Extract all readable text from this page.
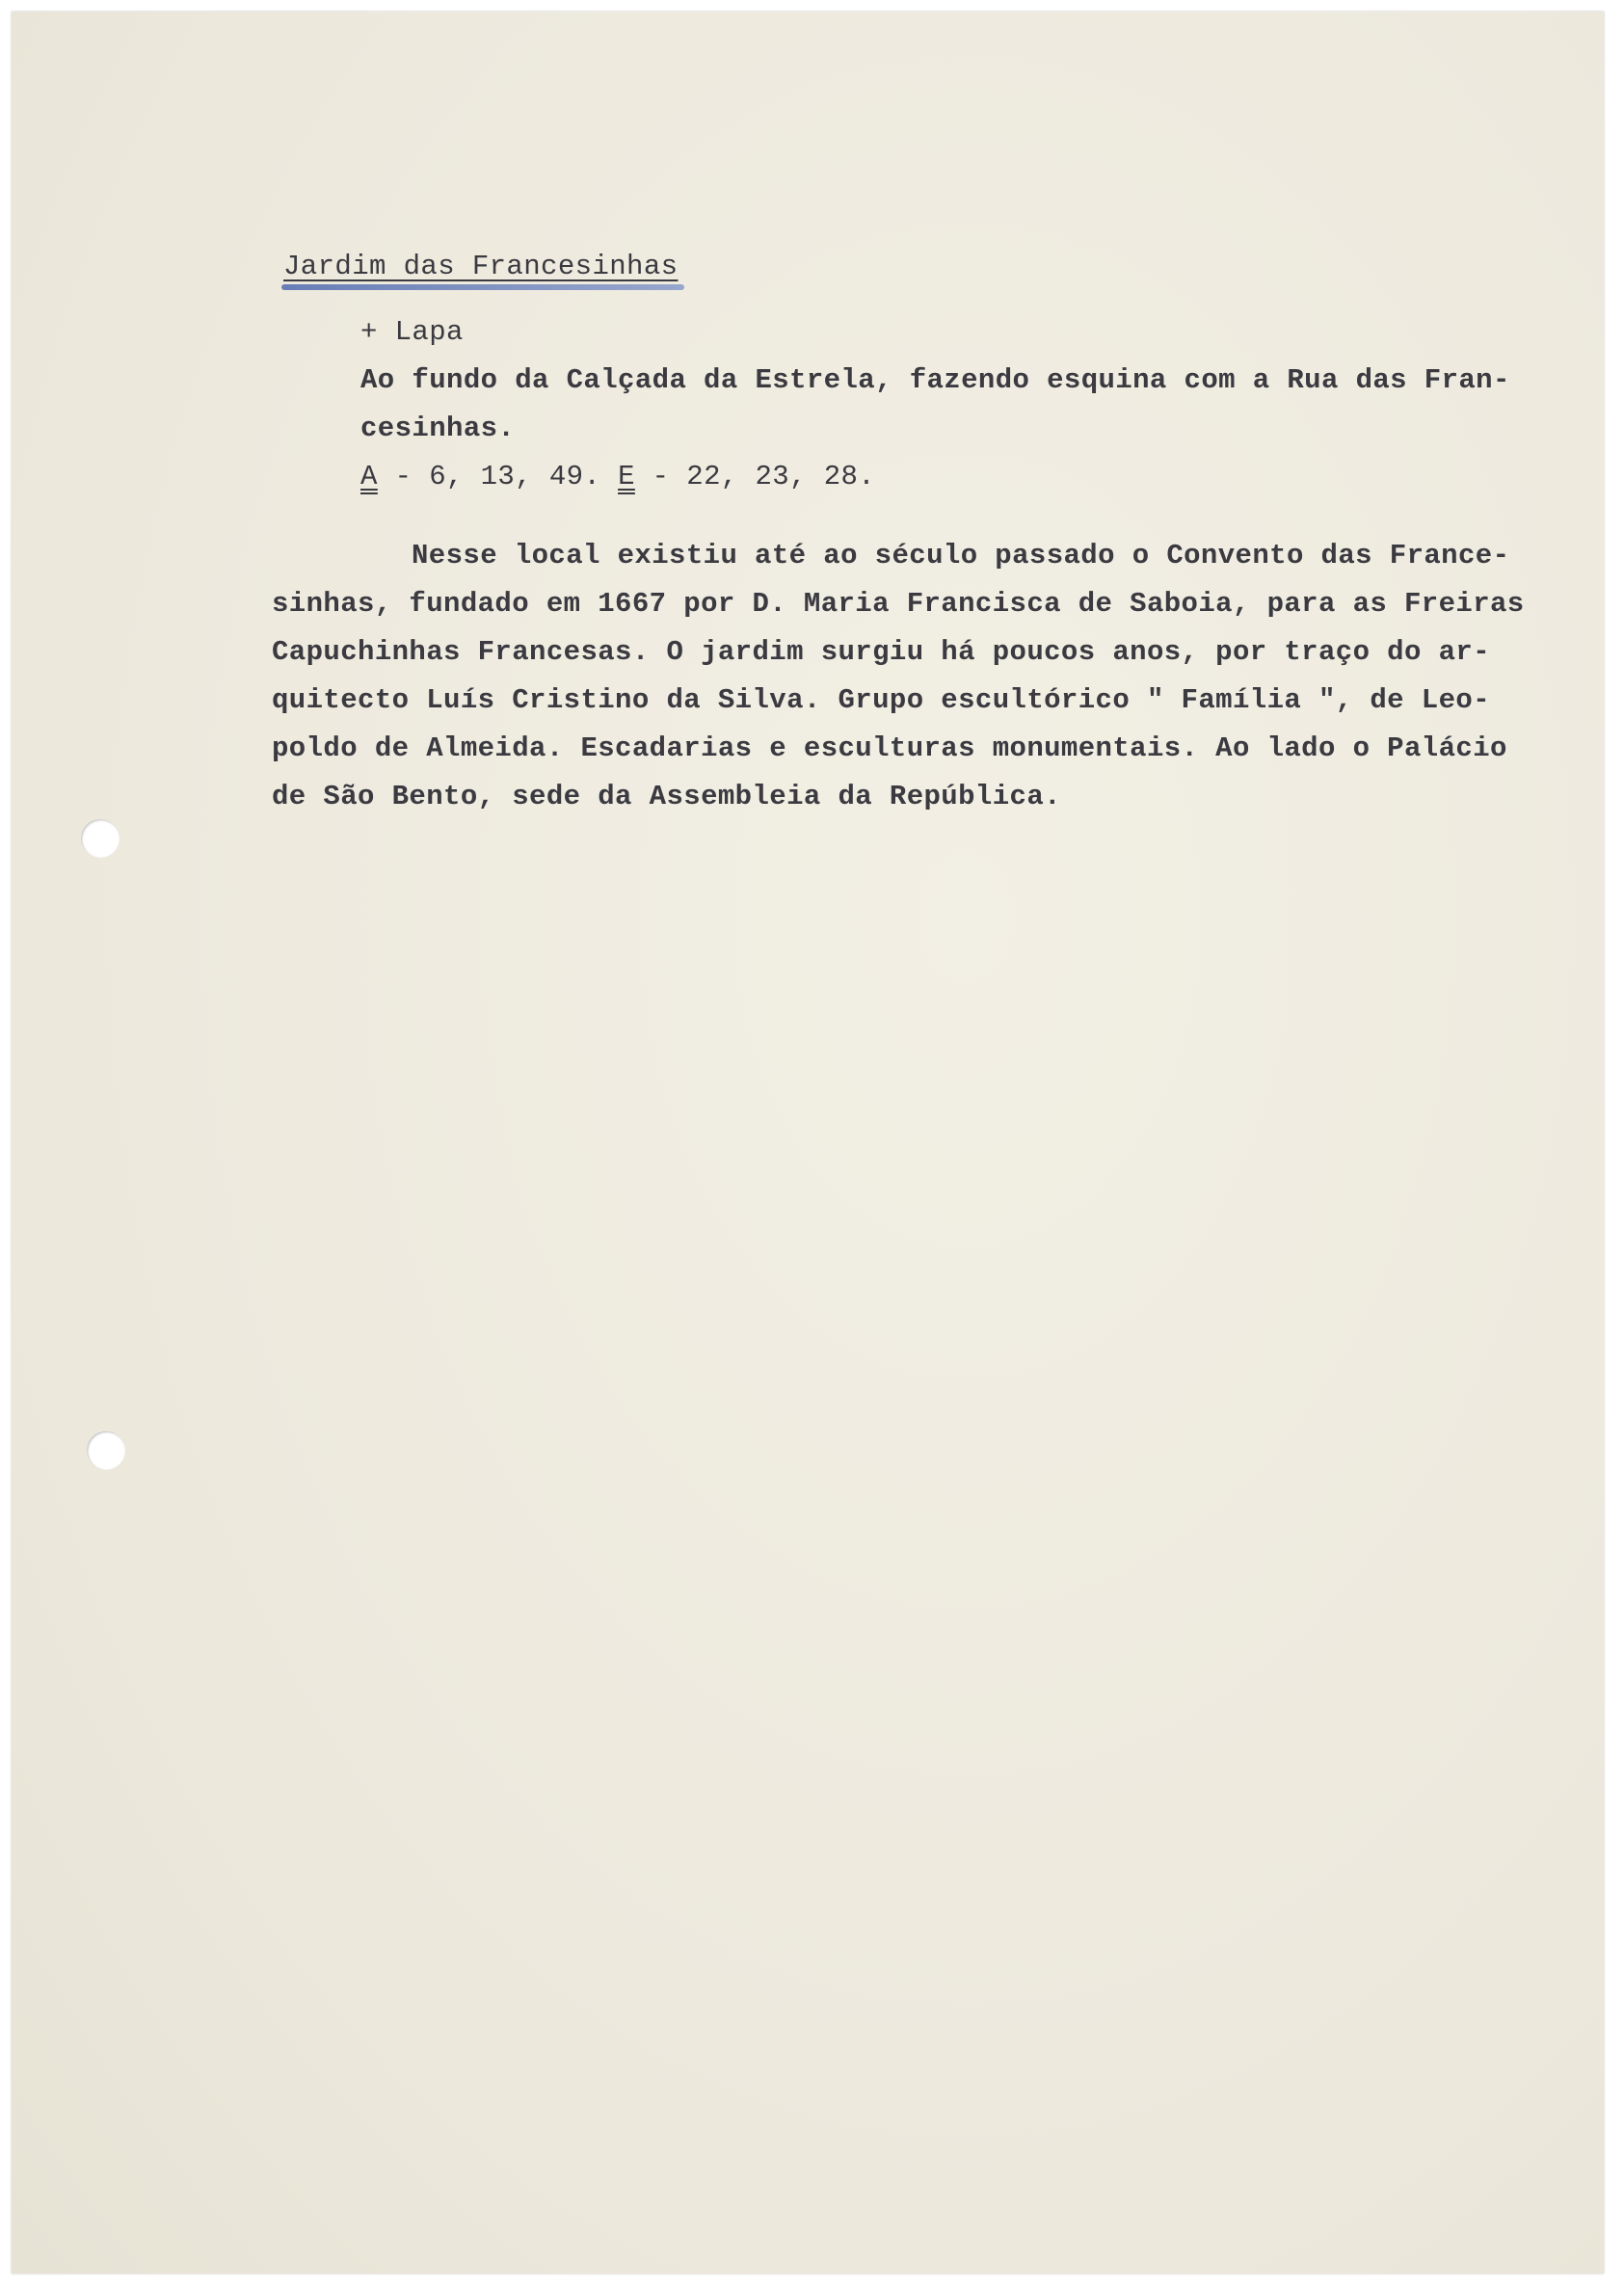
Jardim das Francesinhas
+ Lapa
Ao fundo da Calçada da Estrela, fazendo esquina com a Rua das Fran-
cesinhas.
A - 6, 13, 49. E - 22, 23, 28.
Nesse local existiu até ao século passado o Convento das France-
sinhas, fundado em 1667 por D. Maria Francisca de Saboia, para as Freiras
Capuchinhas Francesas. O jardim surgiu há poucos anos, por traço do ar-
quitecto Luís Cristino da Silva. Grupo escultórico " Família ", de Leo-
poldo de Almeida. Escadarias e esculturas monumentais. Ao lado o Palácio
de São Bento, sede da Assembleia da República.
